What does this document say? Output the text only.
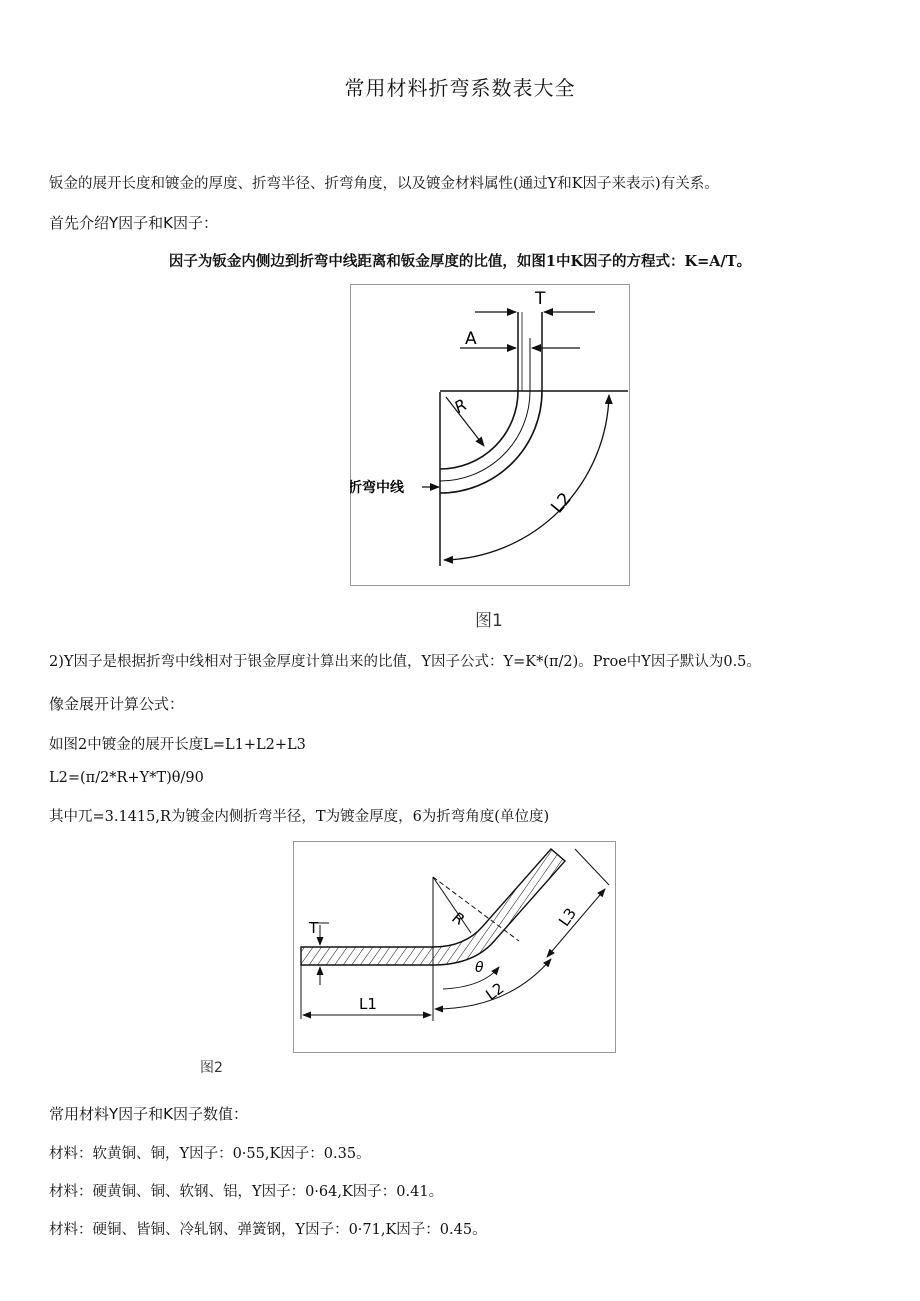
常用材料折弯系数表大全
钣金的展开长度和镀金的厚度、折弯半径、折弯角度，以及镀金材料属性(通过Y和K因子来表示)有关系。
首先介绍Y因子和K因子：
因子为钣金内侧边到折弯中线距离和钣金厚度的比值，如图1中K因子的方程式：K=A/T。
T
A
R
折弯中线
L2
图1
2)Y因子是根据折弯中线相对于银金厚度计算出来的比值，Y因子公式：Y=K*(π/2)。Proe中Y因子默认为0.5。
像金展开计算公式：
如图2中镀金的展开长度L=L1+L2+L3
L2=(π/2*R+Y*T)θ/90
其中兀=3.1415,R为镀金内侧折弯半径，T为镀金厚度，6为折弯角度(单位度)
T	R
θ
L1	L2
L3
图2
常用材料Y因子和K因子数值：
材料：软黄铜、铜，Y因子：0·55,K因子：0.35。
材料：硬黄铜、铜、软钢、铝，Y因子：0·64,K因子：0.41。
材料：硬铜、皆铜、冷轧钢、弹簧钢，Y因子：0·71,K因子：0.45。
